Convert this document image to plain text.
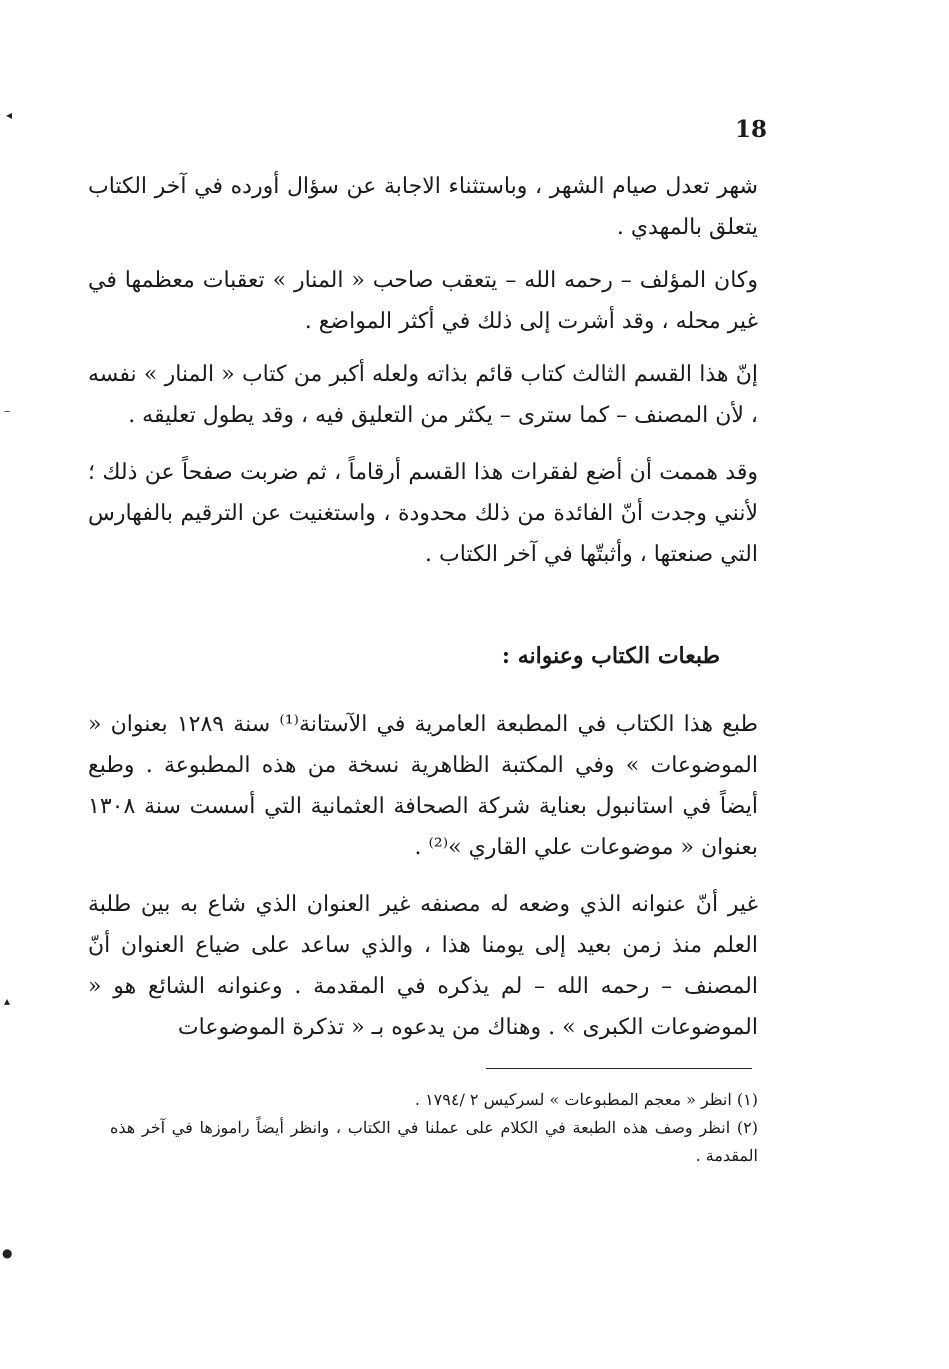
18

شهر تعدل صيام الشهر ، وباستثناء الاجابة عن سؤال أورده في آخر الكتاب يتعلق بالمهدي .

وكان المؤلف – رحمه الله – يتعقب صاحب « المنار » تعقبات معظمها في غير محله ، وقد أشرت إلى ذلك في أكثر المواضع .

إنّ هذا القسم الثالث كتاب قائم بذاته ولعله أكبر من كتاب « المنار » نفسه ، لأن المصنف – كما سترى – يكثر من التعليق فيه ، وقد يطول تعليقه .

وقد هممت أن أضع لفقرات هذا القسم أرقاماً ، ثم ضربت صفحاً عن ذلك ؛ لأنني وجدت أنّ الفائدة من ذلك محدودة ، واستغنيت عن الترقيم بالفهارس التي صنعتها ، وأثبتّها في آخر الكتاب .

طبعات الكتاب وعنوانه :

طبع هذا الكتاب في المطبعة العامرية في الآستانة⁽¹⁾ سنة ١٢٨٩ بعنوان « الموضوعات » وفي المكتبة الظاهرية نسخة من هذه المطبوعة . وطبع أيضاً في استانبول بعناية شركة الصحافة العثمانية التي أسست سنة ١٣٠٨ بعنوان « موضوعات علي القاري »⁽²⁾ .

غير أنّ عنوانه الذي وضعه له مصنفه غير العنوان الذي شاع به بين طلبة العلم منذ زمن بعيد إلى يومنا هذا ، والذي ساعد على ضياع العنوان أنّ المصنف – رحمه الله – لم يذكره في المقدمة . وعنوانه الشائع هو « الموضوعات الكبرى » . وهناك من يدعوه بـ « تذكرة الموضوعات

(١) انظر « معجم المطبوعات » لسركيس ٢ /١٧٩٤ .

(٢) انظر وصف هذه الطبعة في الكلام على عملنا في الكتاب ، وانظر أيضاً راموزها في آخر هذه المقدمة .

◂
–
▴
●
